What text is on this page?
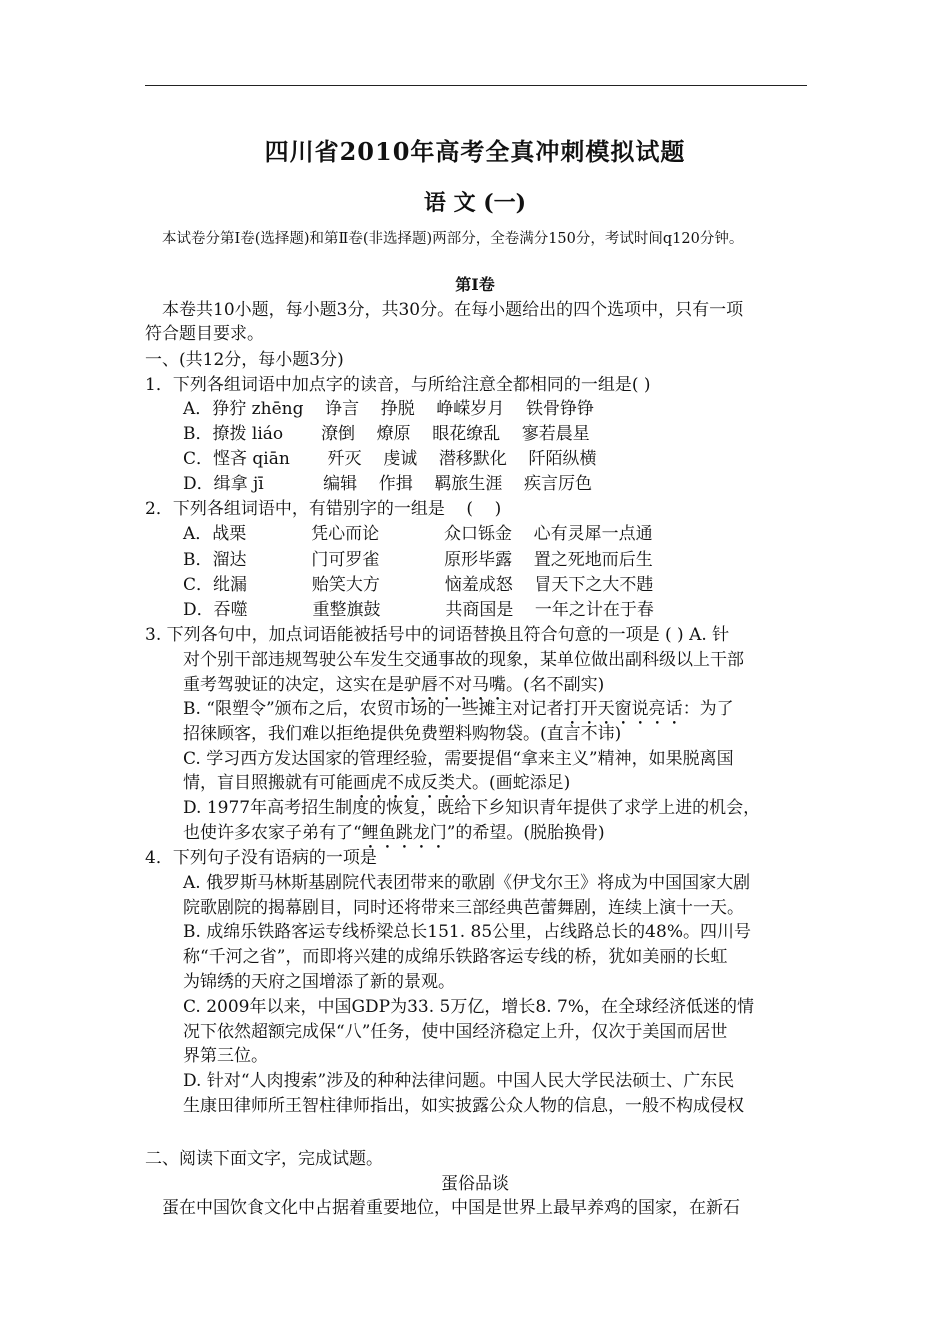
四川省2010年高考全真冲刺模拟试题
语 文 (一)
本试卷分第Ⅰ卷(选择题)和第Ⅱ卷(非选择题)两部分，全卷满分150分，考试时间q120分钟。
第Ⅰ卷
本卷共10小题，每小题3分，共30分。在每小题给出的四个选项中，只有一项
符合题目要求。
一、(共12分，每小题3分)
1．下列各组词语中加点字的读音，与所给注意全都相同的一组是( )
A．狰狞 zhēng    诤言    挣脱    峥嵘岁月    铁骨铮铮
B．撩拨 liáo       潦倒    燎原    眼花缭乱    寥若晨星
C．悭吝 qiān       歼灭    虔诚    潜移默化    阡陌纵横
D．缉拿 jī           编辑    作揖    羁旅生涯    疾言厉色
2．下列各组词语中，有错别字的一组是    (    )
A．战栗            凭心而论            众口铄金    心有灵犀一点通
B．溜达            门可罗雀            原形毕露    置之死地而后生
C．纰漏            贻笑大方            恼羞成怒    冒天下之大不韪
D．吞噬            重整旗鼓            共商国是    一年之计在于春
3. 下列各句中，加点词语能被括号中的词语替换且符合句意的一项是 ( ) A. 针
对个别干部违规驾驶公车发生交通事故的现象，某单位做出副科级以上干部
重考驾驶证的决定，这实在是驴唇不对马嘴。(名不副实)
B. “限塑令”颁布之后，农贸市场的一些摊主对记者打开天窗说亮话：为了
招徕顾客，我们难以拒绝提供免费塑料购物袋。(直言不讳)
C. 学习西方发达国家的管理经验，需要提倡“拿来主义”精神，如果脱离国
情，盲目照搬就有可能画虎不成反类犬。(画蛇添足)
D. 1977年高考招生制度的恢复，既给下乡知识青年提供了求学上进的机会，
也使许多农家子弟有了“鲤鱼跳龙门”的希望。(脱胎换骨)
4．下列句子没有语病的一项是
A. 俄罗斯马林斯基剧院代表团带来的歌剧《伊戈尔王》将成为中国国家大剧
院歌剧院的揭幕剧目，同时还将带来三部经典芭蕾舞剧，连续上演十一天。
B. 成绵乐铁路客运专线桥梁总长151. 85公里，占线路总长的48%。四川号
称“千河之省”，而即将兴建的成绵乐铁路客运专线的桥，犹如美丽的长虹
为锦绣的天府之国增添了新的景观。
C. 2009年以来，中国GDP为33. 5万亿，增长8. 7%，在全球经济低迷的情
况下依然超额完成保“八”任务，使中国经济稳定上升，仅次于美国而居世
界第三位。
D. 针对“人肉搜索”涉及的种种法律问题。中国人民大学民法硕士、广东民
生康田律师所王智柱律师指出，如实披露公众人物的信息，一般不构成侵权
二、阅读下面文字，完成试题。
蛋俗品谈
蛋在中国饮食文化中占据着重要地位，中国是世界上最早养鸡的国家，在新石
